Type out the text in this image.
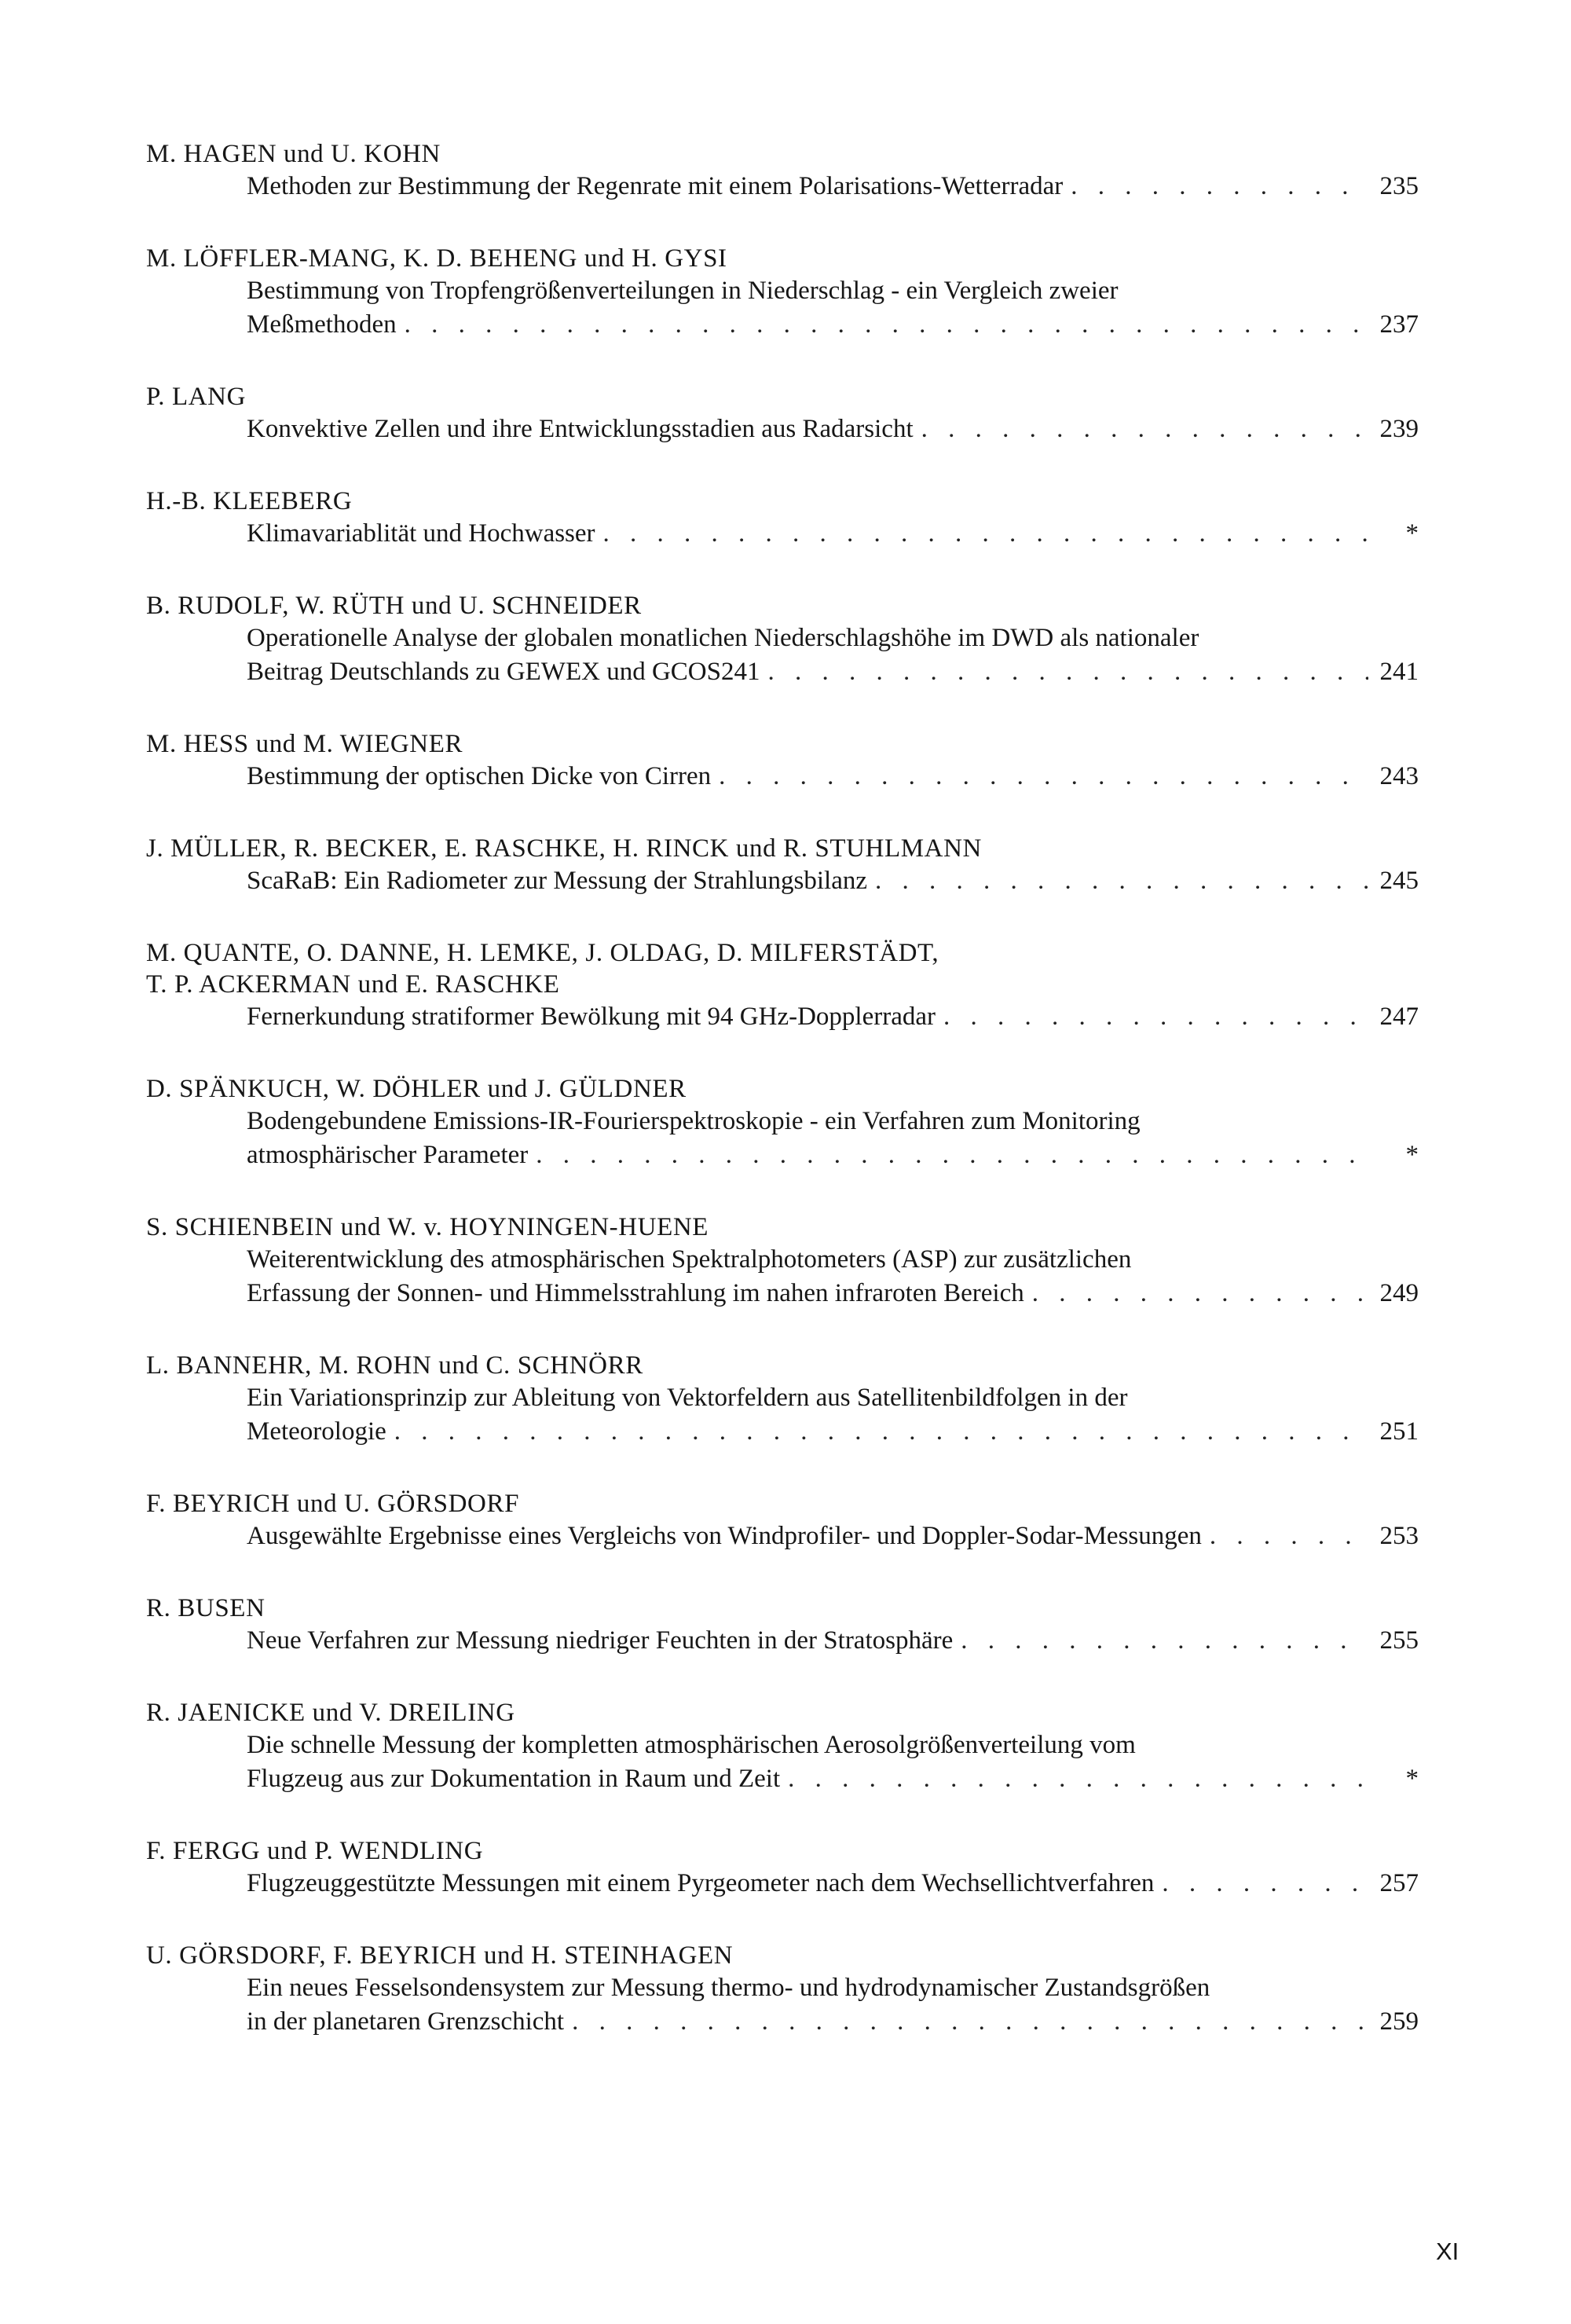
M. HAGEN und U. KOHN
Methoden zur Bestimmung der Regenrate mit einem Polarisations-Wetterradar . . .	235
M. LÖFFLER-MANG, K. D. BEHENG und H. GYSI
Bestimmung von Tropfengrößenverteilungen in Niederschlag - ein Vergleich zweier
Meßmethoden . . .	237
P. LANG
Konvektive Zellen und ihre Entwicklungsstadien aus Radarsicht . . .	239
H.-B. KLEEBERG
Klimavariablität und Hochwasser . . .	*
B. RUDOLF, W. RÜTH und U. SCHNEIDER
Operationelle Analyse der globalen monatlichen Niederschlagshöhe im DWD als nationaler
Beitrag Deutschlands zu GEWEX und GCOS241 . . .	241
M. HESS und M. WIEGNER
Bestimmung der optischen Dicke von Cirren . . .	243
J. MÜLLER, R. BECKER, E. RASCHKE, H. RINCK und R. STUHLMANN
ScaRaB: Ein Radiometer zur Messung der Strahlungsbilanz . . .	245
M. QUANTE, O. DANNE, H. LEMKE, J. OLDAG, D. MILFERSTÄDT,
T. P. ACKERMAN und E. RASCHKE
Fernerkundung stratiformer Bewölkung mit 94 GHz-Dopplerradar . . .	247
D. SPÄNKUCH, W. DÖHLER und J. GÜLDNER
Bodengebundene Emissions-IR-Fourierspektroskopie - ein Verfahren zum Monitoring
atmosphärischer Parameter . . .	*
S. SCHIENBEIN und W. v. HOYNINGEN-HUENE
Weiterentwicklung des atmosphärischen Spektralphotometers (ASP) zur zusätzlichen
Erfassung der Sonnen- und Himmelsstrahlung im nahen infraroten Bereich . . .	249
L. BANNEHR, M. ROHN und C. SCHNÖRR
Ein Variationsprinzip zur Ableitung von Vektorfeldern aus Satellitenbildfolgen in der
Meteorologie . . .	251
F. BEYRICH und U. GÖRSDORF
Ausgewählte Ergebnisse eines Vergleichs von Windprofiler- und Doppler-Sodar-Messungen . . .	253
R. BUSEN
Neue Verfahren zur Messung niedriger Feuchten in der Stratosphäre . . .	255
R. JAENICKE und V. DREILING
Die schnelle Messung der kompletten atmosphärischen Aerosolgrößenverteilung vom
Flugzeug aus zur Dokumentation in Raum und Zeit . . .	*
F. FERGG und P. WENDLING
Flugzeuggestützte Messungen mit einem Pyrgeometer nach dem Wechsellichtverfahren . . .	257
U. GÖRSDORF, F. BEYRICH und H. STEINHAGEN
Ein neues Fesselsondensystem zur Messung thermo- und hydrodynamischer Zustandsgrößen
in der planetaren Grenzschicht . . .	259
XI
